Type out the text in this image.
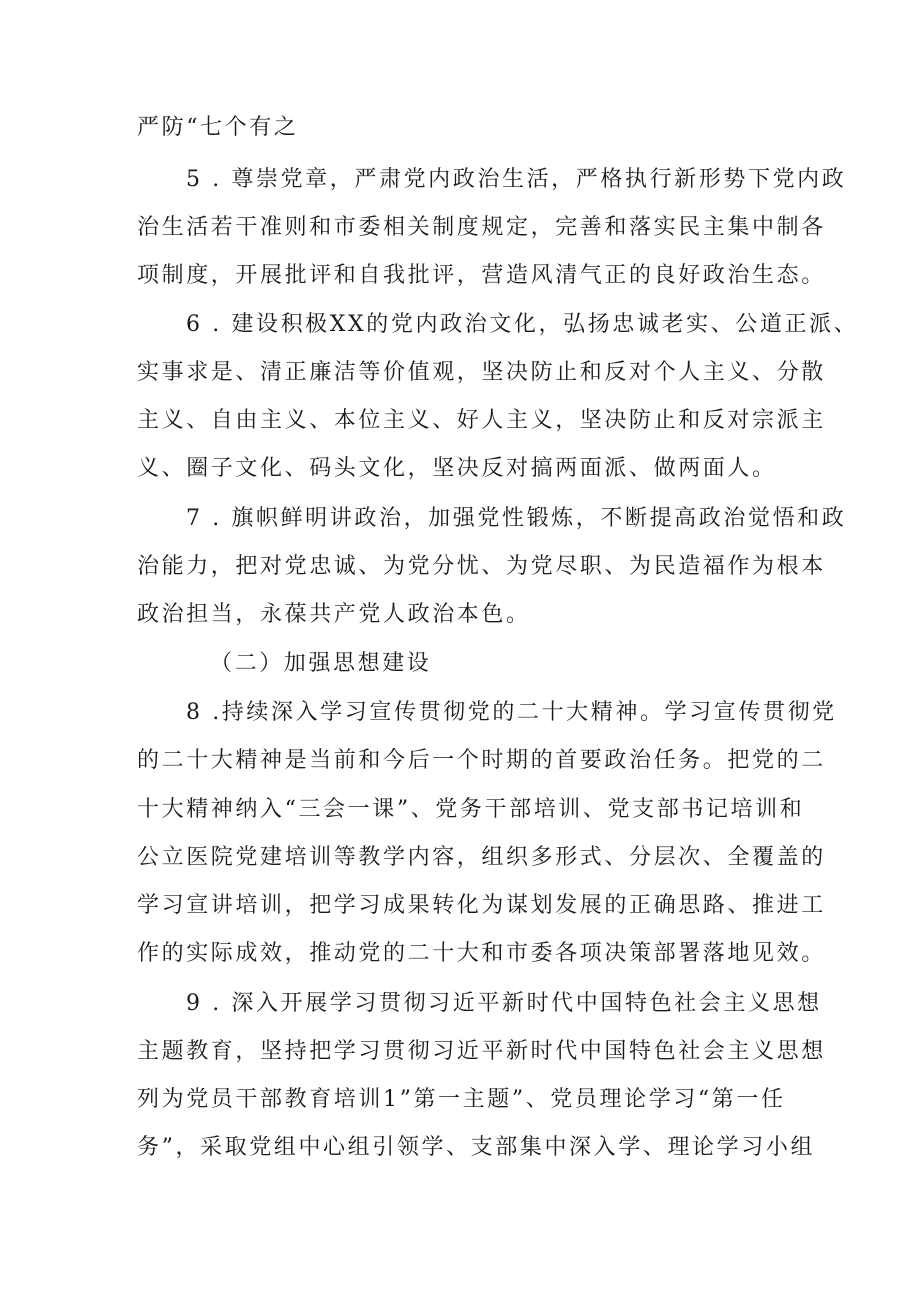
严防“七个有之
5 . 尊崇党章，严肃党内政治生活，严格执行新形势下党内政
治生活若干准则和市委相关制度规定，完善和落实民主集中制各
项制度，开展批评和自我批评，营造风清气正的良好政治生态。
6 . 建设积极XX的党内政治文化，弘扬忠诚老实、公道正派、
实事求是、清正廉洁等价值观，坚决防止和反对个人主义、分散
主义、自由主义、本位主义、好人主义，坚决防止和反对宗派主
义、圈子文化、码头文化，坚决反对搞两面派、做两面人。
7 . 旗帜鲜明讲政治，加强党性锻炼，不断提高政治觉悟和政
治能力，把对党忠诚、为党分忧、为党尽职、为民造福作为根本
政治担当，永葆共产党人政治本色。
（二）加强思想建设
8 .持续深入学习宣传贯彻党的二十大精神。学习宣传贯彻党
的二十大精神是当前和今后一个时期的首要政治任务。把党的二
十大精神纳入“三会一课”、党务干部培训、党支部书记培训和
公立医院党建培训等教学内容，组织多形式、分层次、全覆盖的
学习宣讲培训，把学习成果转化为谋划发展的正确思路、推进工
作的实际成效，推动党的二十大和市委各项决策部署落地见效。
9 . 深入开展学习贯彻习近平新时代中国特色社会主义思想
主题教育，坚持把学习贯彻习近平新时代中国特色社会主义思想
列为党员干部教育培训1”第一主题”、党员理论学习“第一任
务”，采取党组中心组引领学、支部集中深入学、理论学习小组
